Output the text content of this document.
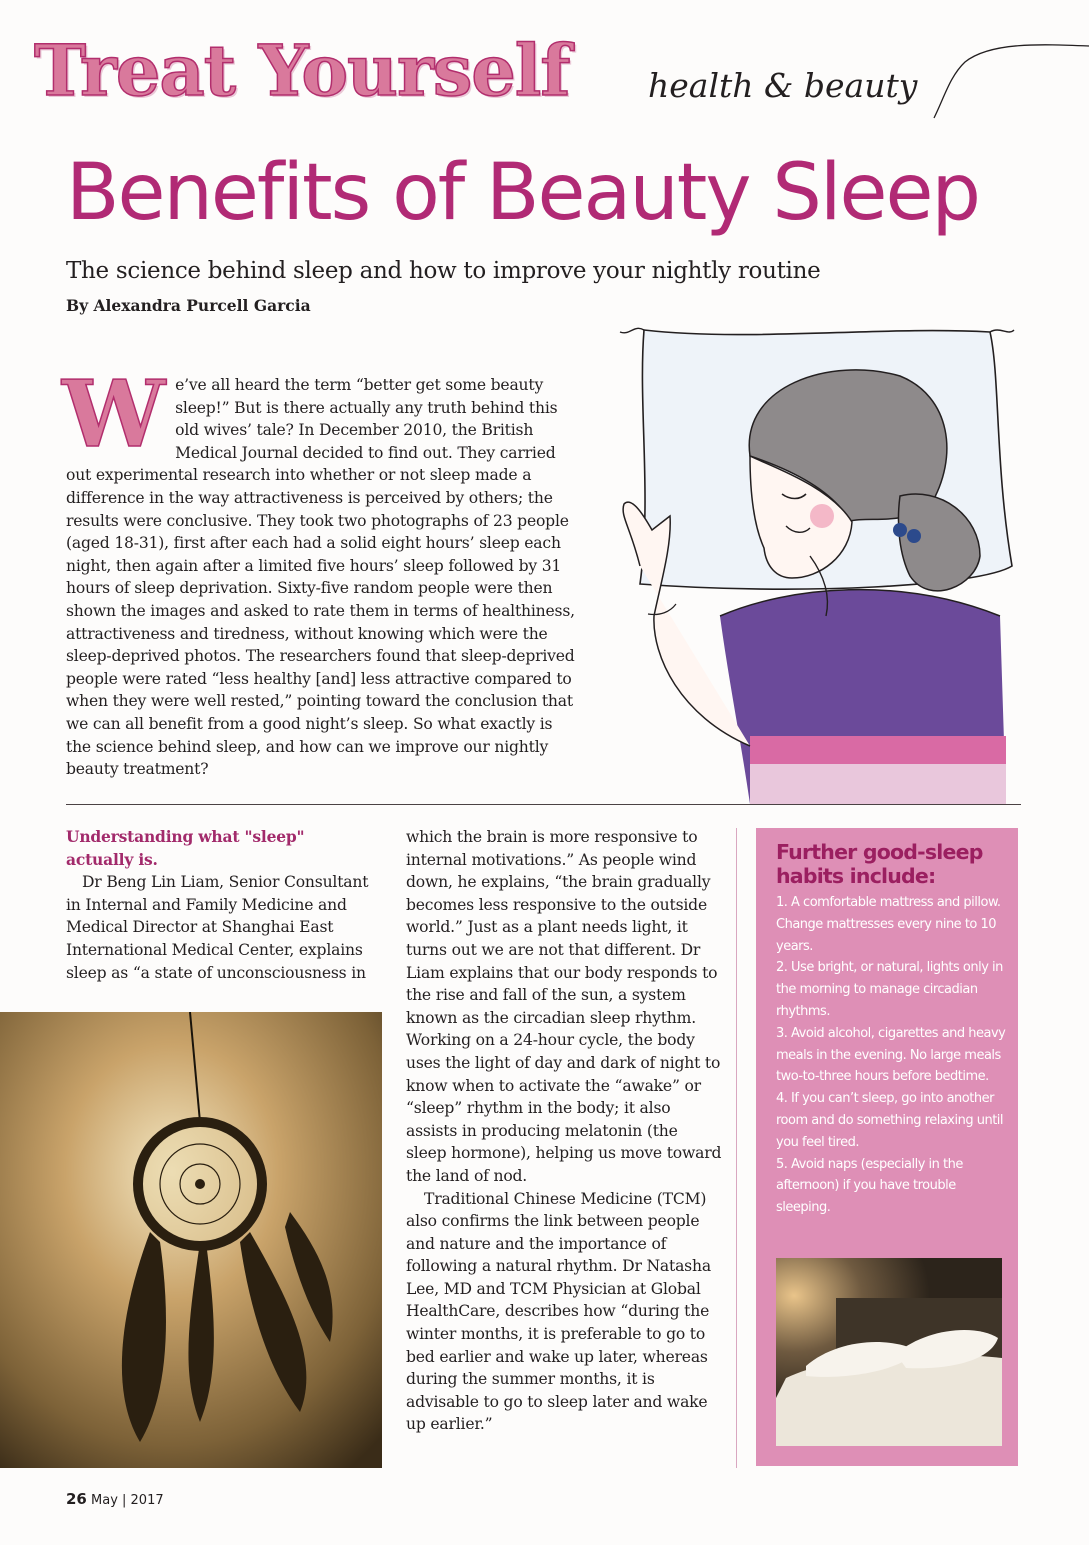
Treat Yourself health & beauty
Benefits of Beauty Sleep
The science behind sleep and how to improve your nightly routine
By Alexandra Purcell Garcia
W e’ve all heard the term “better get some beauty sleep!” But is there actually any truth behind this old wives’ tale? In December 2010, the British Medical Journal decided to find out. They carried out experimental research into whether or not sleep made a difference in the way attractiveness is perceived by others; the results were conclusive. They took two photographs of 23 people (aged 18-31), first after each had a solid eight hours’ sleep each night, then again after a limited five hours’ sleep followed by 31 hours of sleep deprivation. Sixty-five random people were then shown the images and asked to rate them in terms of healthiness, attractiveness and tiredness, without knowing which were the sleep-deprived photos. The researchers found that sleep-deprived people were rated “less healthy [and] less attractive compared to when they were well rested,” pointing toward the conclusion that we can all benefit from a good night’s sleep. So what exactly is the science behind sleep, and how can we improve our nightly beauty treatment?
Understanding what "sleep" actually is.

Dr Beng Lin Liam, Senior Consultant in Internal and Family Medicine and Medical Director at Shanghai East International Medical Center, explains sleep as “a state of unconsciousness in

which the brain is more responsive to internal motivations.” As people wind down, he explains, “the brain gradually becomes less responsive to the outside world.” Just as a plant needs light, it turns out we are not that different. Dr Liam explains that our body responds to the rise and fall of the sun, a system known as the circadian sleep rhythm. Working on a 24-hour cycle, the body uses the light of day and dark of night to know when to activate the “awake” or “sleep” rhythm in the body; it also assists in producing melatonin (the sleep hormone), helping us move toward the land of nod.

Traditional Chinese Medicine (TCM) also confirms the link between people and nature and the importance of following a natural rhythm. Dr Natasha Lee, MD and TCM Physician at Global HealthCare, describes how “during the winter months, it is preferable to go to bed earlier and wake up later, whereas during the summer months, it is advisable to go to sleep later and wake up earlier.”

Further good-sleep habits include:

1. A comfortable mattress and pillow. Change mattresses every nine to 10 years.

2. Use bright, or natural, lights only in the morning to manage circadian rhythms.

3. Avoid alcohol, cigarettes and heavy meals in the evening. No large meals two-to-three hours before bedtime.

4. If you can’t sleep, go into another room and do something relaxing until you feel tired.

5. Avoid naps (especially in the afternoon) if you have trouble sleeping.

26 May | 2017
